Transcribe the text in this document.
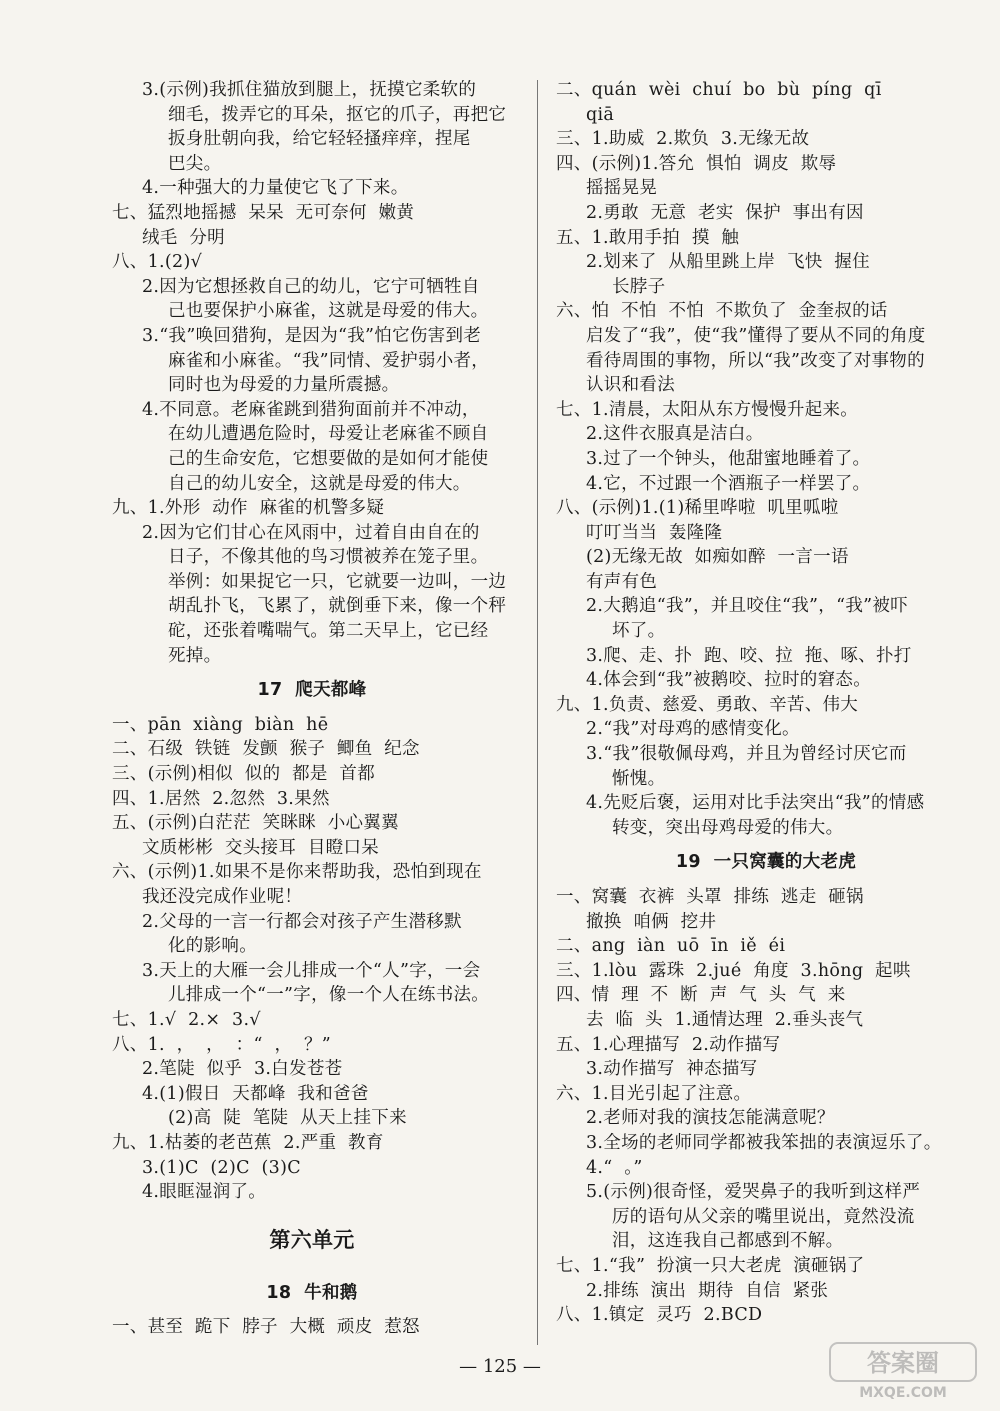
3.(示例)我抓住猫放到腿上，抚摸它柔软的
细毛，拨弄它的耳朵，抠它的爪子，再把它
扳身肚朝向我，给它轻轻搔痒痒，捏尾
巴尖。
4.一种强大的力量使它飞了下来。
七、猛烈地摇撼  呆呆  无可奈何  嫩黄
绒毛  分明
八、1.(2)√
2.因为它想拯救自己的幼儿，它宁可牺牲自
己也要保护小麻雀，这就是母爱的伟大。
3.“我”唤回猎狗，是因为“我”怕它伤害到老
麻雀和小麻雀。“我”同情、爱护弱小者，
同时也为母爱的力量所震撼。
4.不同意。老麻雀跳到猎狗面前并不冲动，
在幼儿遭遇危险时，母爱让老麻雀不顾自
己的生命安危，它想要做的是如何才能使
自己的幼儿安全，这就是母爱的伟大。
九、1.外形  动作  麻雀的机警多疑
2.因为它们甘心在风雨中，过着自由自在的
日子，不像其他的鸟习惯被养在笼子里。
举例：如果捉它一只，它就要一边叫，一边
胡乱扑飞，飞累了，就倒垂下来，像一个秤
砣，还张着嘴喘气。第二天早上，它已经
死掉。
17  爬天都峰
一、pān  xiàng  biàn  hē
二、石级  铁链  发颤  猴子  鲫鱼  纪念
三、(示例)相似  似的  都是  首都
四、1.居然  2.忽然  3.果然
五、(示例)白茫茫  笑眯眯  小心翼翼
文质彬彬  交头接耳  目瞪口呆
六、(示例)1.如果不是你来帮助我，恐怕到现在
我还没完成作业呢！
2.父母的一言一行都会对孩子产生潜移默
化的影响。
3.天上的大雁一会儿排成一个“人”字，一会
儿排成一个“一”字，像一个人在练书法。
七、1.√  2.×  3.√
八、1.  ，  ，  ：“  ，  ？”
2.笔陡  似乎  3.白发苍苍
4.(1)假日  天都峰  我和爸爸
(2)高  陡  笔陡  从天上挂下来
九、1.枯萎的老芭蕉  2.严重  教育
3.(1)C  (2)C  (3)C
4.眼眶湿润了。
第六单元
18  牛和鹅
一、甚至  跪下  脖子  大概  顽皮  惹怒
二、quán  wèi  chuí  bo  bù  píng  qī
qiā
三、1.助威  2.欺负  3.无缘无故
四、(示例)1.答允  惧怕  调皮  欺辱
摇摇晃晃
2.勇敢  无意  老实  保护  事出有因
五、1.敢用手拍  摸  触
2.划来了  从船里跳上岸  飞快  握住
长脖子
六、怕  不怕  不怕  不欺负了  金奎叔的话
启发了“我”，使“我”懂得了要从不同的角度
看待周围的事物，所以“我”改变了对事物的
认识和看法
七、1.清晨，太阳从东方慢慢升起来。
2.这件衣服真是洁白。
3.过了一个钟头，他甜蜜地睡着了。
4.它，不过跟一个酒瓶子一样罢了。
八、(示例)1.(1)稀里哗啦  叽里呱啦
叮叮当当  轰隆隆
(2)无缘无故  如痴如醉  一言一语
有声有色
2.大鹅追“我”，并且咬住“我”，“我”被吓
坏了。
3.爬、走、扑  跑、咬、拉  拖、啄、扑打
4.体会到“我”被鹅咬、拉时的窘态。
九、1.负责、慈爱、勇敢、辛苦、伟大
2.“我”对母鸡的感情变化。
3.“我”很敬佩母鸡，并且为曾经讨厌它而
惭愧。
4.先贬后褒，运用对比手法突出“我”的情感
转变，突出母鸡母爱的伟大。
19  一只窝囊的大老虎
一、窝囊  衣裤  头罩  排练  逃走  砸锅
撤换  咱俩  挖井
二、ang  iàn  uō  īn  iě  éi
三、1.lòu  露珠  2.jué  角度  3.hōng  起哄
四、情  理  不  断  声  气  头  气  来
去  临  头  1.通情达理  2.垂头丧气
五、1.心理描写  2.动作描写
3.动作描写  神态描写
六、1.目光引起了注意。
2.老师对我的演技怎能满意呢？
3.全场的老师同学都被我笨拙的表演逗乐了。
4.“  。”
5.(示例)很奇怪，爱哭鼻子的我听到这样严
厉的语句从父亲的嘴里说出，竟然没流
泪，这连我自己都感到不解。
七、1.“我”  扮演一只大老虎  演砸锅了
2.排练  演出  期待  自信  紧张
八、1.镇定  灵巧  2.BCD
— 125 —	答案圈
MXQE.COM
